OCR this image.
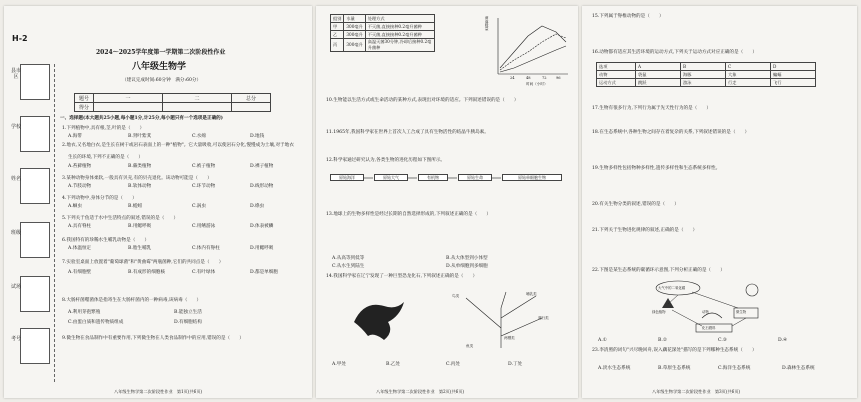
H-2
县市区
学校
姓名
班级
试场
考号
2024～2025学年度第一学期第二次阶段性作业
八年级生物学
（建议完成时间:60分钟　满分:60分）
题号	一	二	总分
得分			
一、选择题(本大题共25小题,每小题1分,计25分,每小题只有一个选项是正确的)
1.下列植物中,具有根,茎,叶的是（　　）
A.海带	B.肾叶紫萁	C.水绵	D.地钱
2.地衣,又名地白衣,是生长在树干或岩石表面上的一种"植物"。它大量吸收,可以使岩石分化,慢慢成为土壤,对于地衣
生长的环境,下列不正确的是（　　）
A.苔藓植物	B.蕨类植物	C.被子植物	D.裸子植物
3.某种动物身体柔软,一般具有贝壳,有的贝壳退化。该动物可能是（　　）
A.节肢动物	B.软体动物	C.环节动物	D.线形动物
4.下列动物中,身体分节的是（　　）
A.蛔虫	B.蚯蚓	C.涡虫	D.绦虫
5.下列关于鱼适于水中生活特点的叙述,错误的是（　　）
A.具有脊柱	B.用鳃呼吸	C.用鳍游泳	D.体表被鳞
6.我国特有的珍稀水生哺乳动物是（　　）
A.体温恒定	B.胎生哺乳	C.体内有脊柱	D.用鳃呼吸
7.实验室桌面上放置着"葡萄球菌"和"黄曲霉"两瓶菌种,它们的共同点是（　　）
A.有细胞壁	B.有成形的细胞核	C.有叶绿体	D.都是单细胞
8.大肠杆菌噬菌体是指寄生在大肠杆菌内的一种病毒,该病毒（　　）
A.利用芽孢繁殖	B.能独立生活
C.由蛋白质和遗传物质组成	D.有细胞结构
9.微生物在食品制作中有重要作用,下列微生物在人类食品制作中的应用,错误的是（　　）
八年级生物学第二次阶段性作业　第1页(共6页)
组别	水量	处理方式
甲	300毫升	不灭菌,直接接种0.2毫升菌种
乙	300毫升	不灭菌,直接接种0.2毫升菌种
丙	300毫升	高温灭菌30分钟,冷却后接种0.2毫升菌种
菌落数量
24	48	72	96
时间（小时）
10.生物能以生活方式或生命活动的某种方式,表现出对环境的适应。下列叙述错误的是（　　）
11.1965年,我国科学家在世界上首次人工合成了具有生物活性的结晶牛胰岛素。
12.科学家通过研究认为,各类生物的进化历程如下图所示。
原始海洋	原始大气	有机物	原始生命	原始单细胞生物
13.地球上的生物多样性是经过长期的自然选择形成的,下列叙述正确的是（　　）
A.从高等到低等	B.从大体型到小体型
C.从水生到陆生	D.从单细胞到多细胞
14.我国科学家在辽宁发现了一种巨型恐龙化石,下列叙述正确的是（　　）
鸟类	哺乳类
爬行类
两栖类
鱼类
A.甲处	B.乙处	C.丙处	D.丁处
八年级生物学第二次阶段性作业　第2页(共6页)
15.下列属于脊椎动物的是（　　）
16.动物都有适应其生活环境的运动方式,下列关于运动方式对应正确的是（　　）
选项	A	B	C	D
动物	袋鼠	海豚	大象	蝙蝠
运动方式	跳跃	游泳	行走	飞行
17.生物有很多行为,下列行为属于先天性行为的是（　　）
18.在生态系统中,各种生物之间存在着复杂的关系,下列叙述错误的是（　　）
19.生物多样性包括物种多样性,遗传多样性和生态系统多样性。
20.有关生物分类的叙述,错误的是（　　）
21.下列关于生物进化规律的叙述,正确的是（　　）
22.下图是某生态系统的碳循环示意图,下列分析正确的是（　　）
大气中的二氧化碳
绿色植物	动物	微生物
化石燃料
A.①	B.②	C.③	D.④
23.李清照的词句"兴尽晚回舟,误入藕花深处"描写的是下列哪种生态系统（　　）
A.淡水生态系统	B.草原生态系统	C.海洋生态系统	D.森林生态系统
八年级生物学第二次阶段性作业　第3页(共6页)
